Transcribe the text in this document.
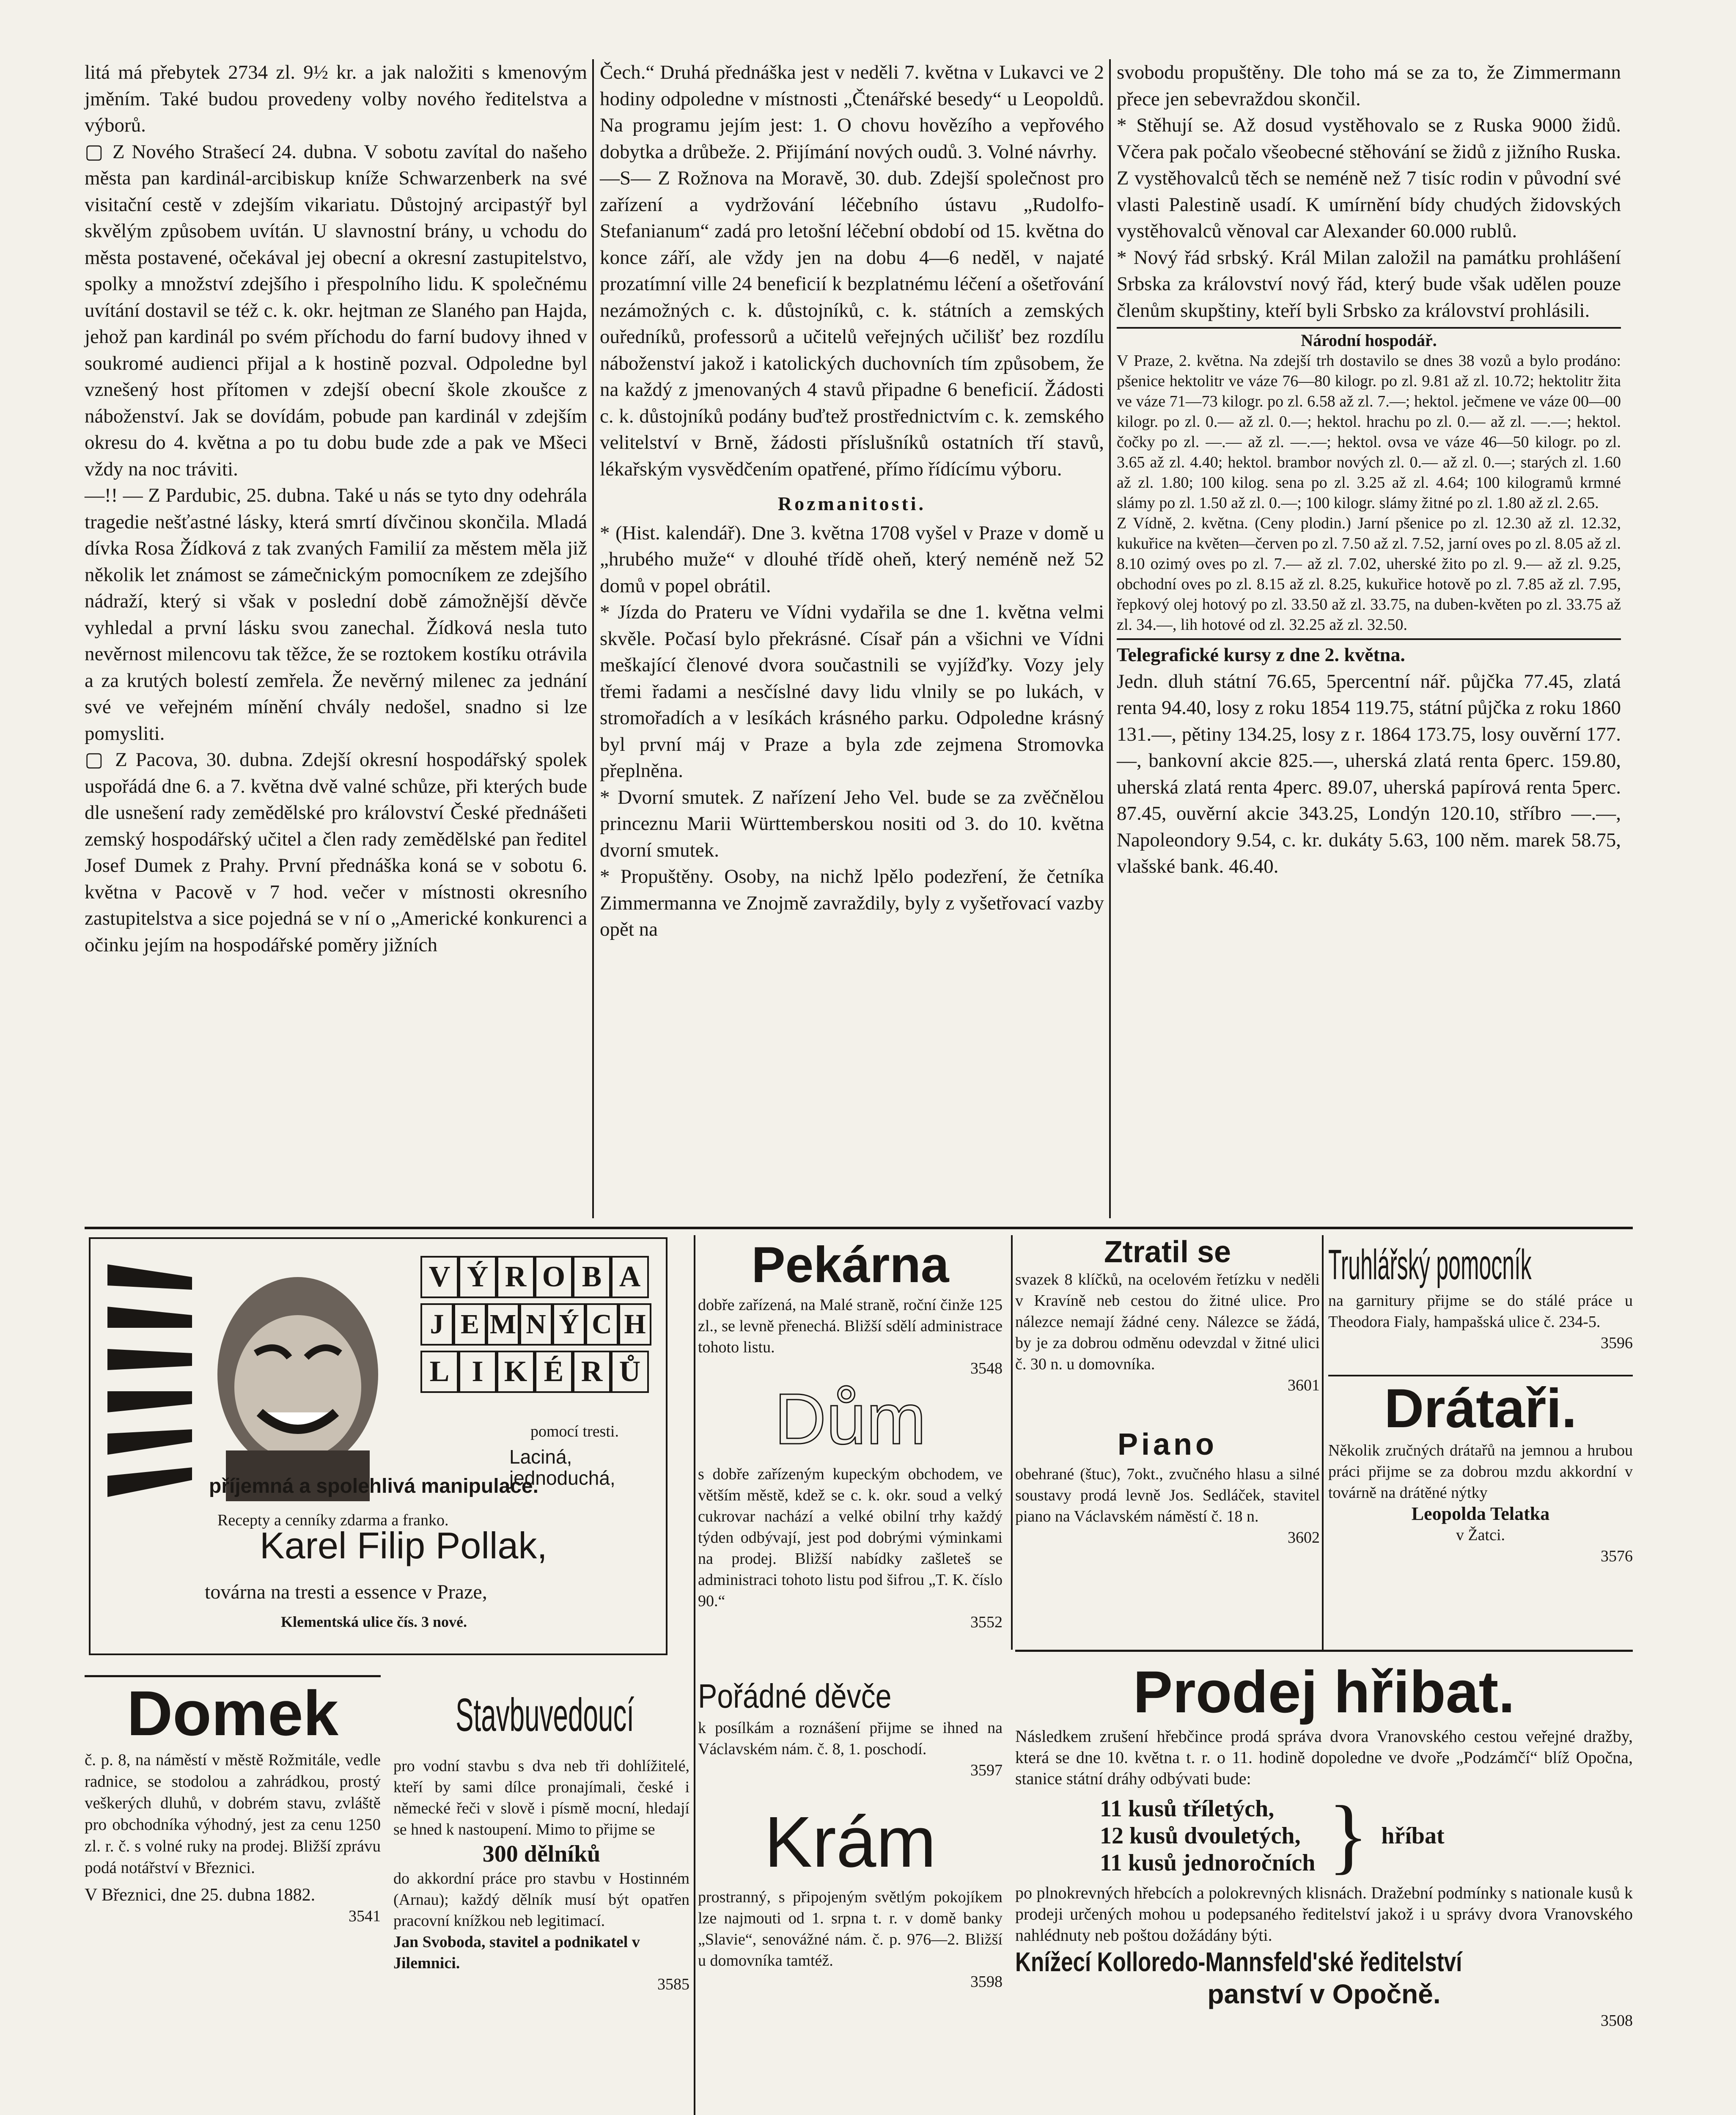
litá má přebytek 2734 zl. 9½ kr. a jak naložiti s kmenovým jměním. Také budou provedeny volby nového ředitelstva a výborů.

▢ Z Nového Strašecí 24. dubna. V sobotu zavítal do našeho města pan kardinál-arcibiskup kníže Schwarzenberk na své visitační cestě v zdejším vikariatu. Důstojný arcipastýř byl skvělým způsobem uvítán. U slavnostní brány, u vchodu do města postavené, očekával jej obecní a okresní zastupitelstvo, spolky a množství zdejšího i přespolního lidu. K společnému uvítání dostavil se též c. k. okr. hejtman ze Slaného pan Hajda, jehož pan kardinál po svém příchodu do farní budovy ihned v soukromé audienci přijal a k hostině pozval. Odpoledne byl vznešený host přítomen v zdejší obecní škole zkoušce z náboženství. Jak se dovídám, pobude pan kardinál v zdejším okresu do 4. května a po tu dobu bude zde a pak ve Mšeci vždy na noc tráviti.

—!! — Z Pardubic, 25. dubna. Také u nás se tyto dny odehrála tragedie nešťastné lásky, která smrtí dívčinou skončila. Mladá dívka Rosa Žídková z tak zvaných Familií za městem měla již několik let známost se zámečnickým pomocníkem ze zdejšího nádraží, který si však v poslední době zámožnější děvče vyhledal a první lásku svou zanechal. Žídková nesla tuto nevěrnost milencovu tak těžce, že se roztokem kostíku otrávila a za krutých bolestí zemřela. Že nevěrný milenec za jednání své ve veřejném mínění chvály nedošel, snadno si lze pomysliti.

▢ Z Pacova, 30. dubna. Zdejší okresní hospodářský spolek uspořádá dne 6. a 7. května dvě valné schůze, při kterých bude dle usnešení rady zemědělské pro království České přednášeti zemský hospodářský učitel a člen rady zemědělské pan ředitel Josef Dumek z Prahy. První přednáška koná se v sobotu 6. května v Pacově v 7 hod. večer v místnosti okresního zastupitelstva a sice pojedná se v ní o „Americké konkurenci a očinku jejím na hospodářské poměry jižních

Čech.“ Druhá přednáška jest v neděli 7. května v Lukavci ve 2 hodiny odpoledne v místnosti „Čtenářské besedy“ u Leopoldů. Na programu jejím jest: 1. O chovu hovězího a vepřového dobytka a drůbeže. 2. Přijímání nových oudů. 3. Volné návrhy.

—S— Z Rožnova na Moravě, 30. dub. Zdejší společnost pro zařízení a vydržování léčebního ústavu „Rudolfo-Stefanianum“ zadá pro letošní léčební období od 15. května do konce září, ale vždy jen na dobu 4—6 neděl, v najaté prozatímní ville 24 beneficií k bezplatnému léčení a ošetřování nezámožných c. k. důstojníků, c. k. státních a zemských ouředníků, professorů a učitelů veřejných učilišť bez rozdílu náboženství jakož i katolických duchovních tím způsobem, že na každý z jmenovaných 4 stavů připadne 6 beneficií. Žádosti c. k. důstojníků podány buďtež prostřednictvím c. k. zemského velitelství v Brně, žádosti příslušníků ostatních tří stavů, lékařským vysvědčením opatřené, přímo řídícímu výboru.

Rozmanitosti.

* (Hist. kalendář). Dne 3. května 1708 vyšel v Praze v domě u „hrubého muže“ v dlouhé třídě oheň, který neméně než 52 domů v popel obrátil.

* Jízda do Prateru ve Vídni vydařila se dne 1. května velmi skvěle. Počasí bylo překrásné. Císař pán a všichni ve Vídni meškající členové dvora součastnili se vyjížďky. Vozy jely třemi řadami a nesčíslné davy lidu vlnily se po lukách, v stromořadích a v lesíkách krásného parku. Odpoledne krásný byl první máj v Praze a byla zde zejmena Stromovka přeplněna.

* Dvorní smutek. Z nařízení Jeho Vel. bude se za zvěčnělou princeznu Marii Württemberskou nositi od 3. do 10. května dvorní smutek.

* Propuštěny. Osoby, na nichž lpělo podezření, že četníka Zimmermanna ve Znojmě zavraždily, byly z vyšetřovací vazby opět na

svobodu propuštěny. Dle toho má se za to, že Zimmermann přece jen sebevraždou skončil.

* Stěhují se. Až dosud vystěhovalo se z Ruska 9000 židů. Včera pak počalo všeobecné stěhování se židů z jižního Ruska. Z vystěhovalců těch se neméně než 7 tisíc rodin v původní své vlasti Palestině usadí. K umírnění bídy chudých židovských vystěhovalců věnoval car Alexander 60.000 rublů.

* Nový řád srbský. Král Milan založil na památku prohlášení Srbska za království nový řád, který bude však udělen pouze členům skupštiny, kteří byli Srbsko za království prohlásili.

Národní hospodář.

V Praze, 2. května. Na zdejší trh dostavilo se dnes 38 vozů a bylo prodáno: pšenice hektolitr ve váze 76—80 kilogr. po zl. 9.81 až zl. 10.72; hektolitr žita ve váze 71—73 kilogr. po zl. 6.58 až zl. 7.—; hektol. ječmene ve váze 00—00 kilogr. po zl. 0.— až zl. 0.—; hektol. hrachu po zl. 0.— až zl. —.—; hektol. čočky po zl. —.— až zl. —.—; hektol. ovsa ve váze 46—50 kilogr. po zl. 3.65 až zl. 4.40; hektol. brambor nových zl. 0.— až zl. 0.—; starých zl. 1.60 až zl. 1.80; 100 kilog. sena po zl. 3.25 až zl. 4.64; 100 kilogramů krmné slámy po zl. 1.50 až zl. 0.—; 100 kilogr. slámy žitné po zl. 1.80 až zl. 2.65.

Z Vídně, 2. května. (Ceny plodin.) Jarní pšenice po zl. 12.30 až zl. 12.32, kukuřice na květen—červen po zl. 7.50 až zl. 7.52, jarní oves po zl. 8.05 až zl. 8.10 ozimý oves po zl. 7.— až zl. 7.02, uherské žito po zl. 9.— až zl. 9.25, obchodní oves po zl. 8.15 až zl. 8.25, kukuřice hotově po zl. 7.85 až zl. 7.95, řepkový olej hotový po zl. 33.50 až zl. 33.75, na duben-květen po zl. 33.75 až zl. 34.—, lih hotové od zl. 32.25 až zl. 32.50.

Telegrafické kursy z dne 2. května.

Jedn. dluh státní 76.65, 5percentní nář. půjčka 77.45, zlatá renta 94.40, losy z roku 1854 119.75, státní půjčka z roku 1860 131.—, pětiny 134.25, losy z r. 1864 173.75, losy ouvěrní 177.—, bankovní akcie 825.—, uherská zlatá renta 6perc. 159.80, uherská zlatá renta 4perc. 89.07, uherská papírová renta 5perc. 87.45, ouvěrní akcie 343.25, Londýn 120.10, stříbro —.—, Napoleondory 9.54, c. kr. dukáty 5.63, 100 něm. marek 58.75, vlašské bank. 46.40.

V Ý R O B A
J E M N Ý C H
L I K É R Ů

pomocí tresti.

Laciná, jednoduchá,

příjemná a spolehlivá manipulace.

Recepty a cenníky zdarma a franko.

Karel Filip Pollak,

továrna na tresti a essence v Praze,

Klementská ulice čís. 3 nové.

Domek

č. p. 8, na náměstí v městě Rožmitále, vedle radnice, se stodolou a zahrádkou, prostý veškerých dluhů, v dobrém stavu, zvláště pro obchodníka výhodný, jest za cenu 1250 zl. r. č. s volné ruky na prodej. Bližší zprávu podá notářství v Březnici.

V Březnici, dne 25. dubna 1882.

3541

Stavbuvedoucí

pro vodní stavbu s dva neb tři dohlížitelé, kteří by sami dílce pronajímali, české i německé řeči v slově i písmě mocní, hledají se hned k nastoupení. Mimo to přijme se

300 dělníků

do akkordní práce pro stavbu v Hostinném (Arnau); každý dělník musí být opatřen pracovní knížkou neb legitimací.

Jan Svoboda, stavitel a podnikatel v Jilemnici.

3585

Pekárna

dobře zařízená, na Malé straně, roční činže 125 zl., se levně přenechá. Bližší sdělí administrace tohoto listu.

3548

Dům

s dobře zařízeným kupeckým obchodem, ve větším městě, kdež se c. k. okr. soud a velký cukrovar nachází a velké obilní trhy každý týden odbývají, jest pod dobrými výminkami na prodej. Bližší nabídky zašleteš se administraci tohoto listu pod šifrou „T. K. číslo 90.“

3552

Pořádné děvče

k posílkám a roznášení přijme se ihned na Václavském nám. č. 8, 1. poschodí.

3597

Krám

prostranný, s připojeným světlým pokojíkem lze najmouti od 1. srpna t. r. v domě banky „Slavie“, senovážné nám. č. p. 976—2. Bližší u domovníka tamtéž.

3598

Ztratil se

svazek 8 klíčků, na ocelovém řetízku v neděli v Kravíně neb cestou do žitné ulice. Pro nálezce nemají žádné ceny. Nálezce se žádá, by je za dobrou odměnu odevzdal v žitné ulici č. 30 n. u domovníka.

3601

Piano

obehrané (štuc), 7okt., zvučného hlasu a silné soustavy prodá levně Jos. Sedláček, stavitel piano na Václavském náměstí č. 18 n.

3602

Truhlářský pomocník

na garnitury přijme se do stálé práce u Theodora Fialy, hampašská ulice č. 234-5.

3596

Drátaři.

Několik zručných drátařů na jemnou a hrubou práci přijme se za dobrou mzdu akkordní v továrně na drátěné nýtky

Leopolda Telatka

v Žatci.

3576

Prodej hřibat.

Následkem zrušení hřebčince prodá správa dvora Vranovského cestou veřejné dražby, která se dne 10. května t. r. o 11. hodině dopoledne ve dvoře „Podzámčí“ blíž Opočna, stanice státní dráhy odbývati bude:

11 kusů tříletých,

12 kusů dvouletých,

11 kusů jednoročních } hříbat

po plnokrevných hřebcích a polokrevných klisnách. Dražební podmínky s nationale kusů k prodeji určených mohou u podepsaného ředitelství jakož i u správy dvora Vranovského nahlédnuty neb poštou dožádány býti.

Knížecí Kolloredo-Mannsfeld'ské ředitelství

panství v Opočně.

3508
